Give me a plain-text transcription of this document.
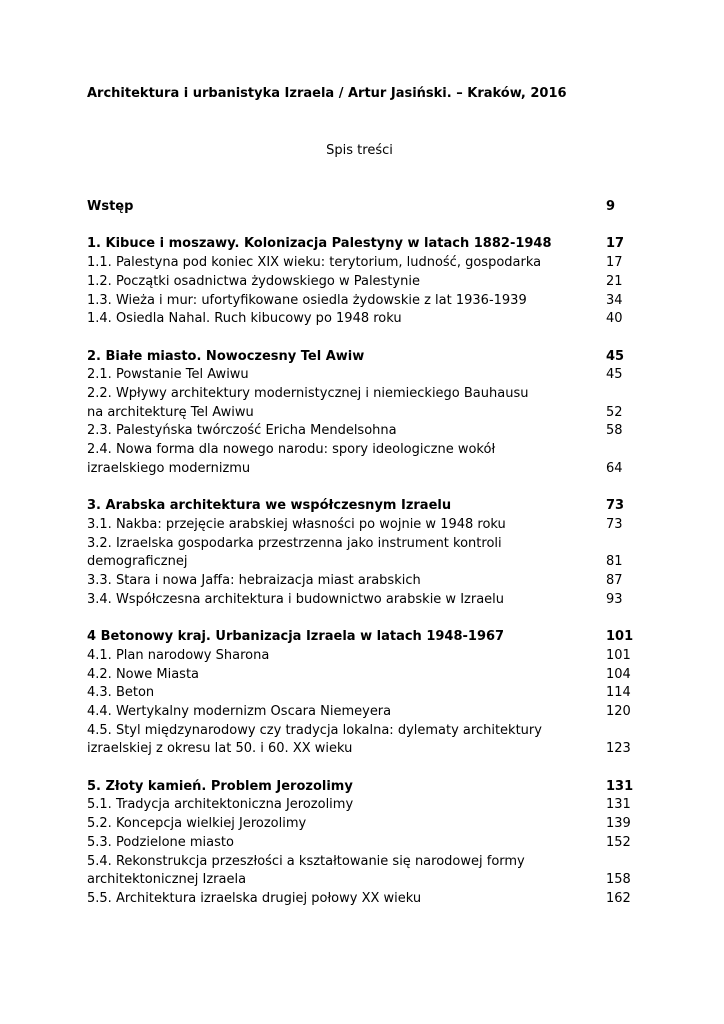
Architektura i urbanistyka Izraela / Artur Jasiński. – Kraków, 2016
Spis treści
Wstęp	9
1. Kibuce i moszawy. Kolonizacja Palestyny w latach 1882-1948	17
1.1. Palestyna pod koniec XIX wieku: terytorium, ludność, gospodarka	17
1.2. Początki osadnictwa żydowskiego w Palestynie	21
1.3. Wieża i mur: ufortyfikowane osiedla żydowskie z lat 1936-1939	34
1.4. Osiedla Nahal. Ruch kibucowy po 1948 roku	40
2. Białe miasto. Nowoczesny Tel Awiw	45
2.1. Powstanie Tel Awiwu	45
2.2. Wpływy architektury modernistycznej i niemieckiego Bauhausu
na architekturę Tel Awiwu	52
2.3. Palestyńska twórczość Ericha Mendelsohna	58
2.4. Nowa forma dla nowego narodu: spory ideologiczne wokół
izraelskiego modernizmu	64
3. Arabska architektura we współczesnym Izraelu	73
3.1. Nakba: przejęcie arabskiej własności po wojnie w 1948 roku	73
3.2. Izraelska gospodarka przestrzenna jako instrument kontroli
demograficznej	81
3.3. Stara i nowa Jaffa: hebraizacja miast arabskich	87
3.4. Współczesna architektura i budownictwo arabskie w Izraelu	93
4 Betonowy kraj. Urbanizacja Izraela w latach 1948-1967	101
4.1. Plan narodowy Sharona	101
4.2. Nowe Miasta	104
4.3. Beton	114
4.4. Wertykalny modernizm Oscara Niemeyera	120
4.5. Styl międzynarodowy czy tradycja lokalna: dylematy architektury
izraelskiej z okresu lat 50. i 60. XX wieku	123
5. Złoty kamień. Problem Jerozolimy	131
5.1. Tradycja architektoniczna Jerozolimy	131
5.2. Koncepcja wielkiej Jerozolimy	139
5.3. Podzielone miasto	152
5.4. Rekonstrukcja przeszłości a kształtowanie się narodowej formy
architektonicznej Izraela	158
5.5. Architektura izraelska drugiej połowy XX wieku	162
